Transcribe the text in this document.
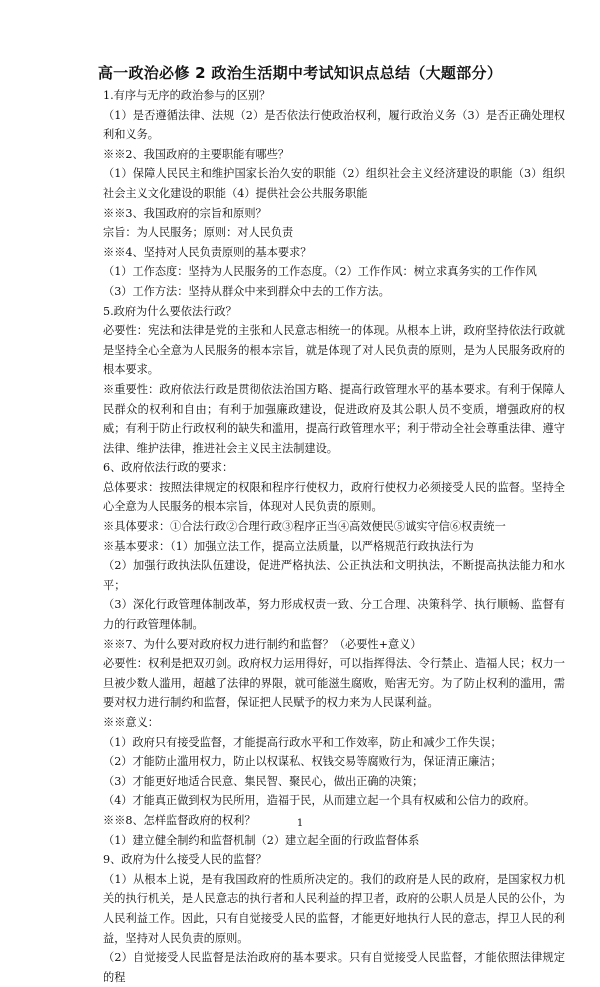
高一政治必修 2 政治生活期中考试知识点总结（大题部分）

1.有序与无序的政治参与的区别？

（1）是否遵循法律、法规（2）是否依法行使政治权利，履行政治义务（3）是否正确处理权利和义务。

※※2、我国政府的主要职能有哪些？

（1）保障人民民主和维护国家长治久安的职能（2）组织社会主义经济建设的职能（3）组织社会主义文化建设的职能（4）提供社会公共服务职能

※※3、我国政府的宗旨和原则？

宗旨：为人民服务；原则：对人民负责

※※4、坚持对人民负责原则的基本要求？

（1）工作态度：坚持为人民服务的工作态度。（2）工作作风：树立求真务实的工作作风

（3）工作方法：坚持从群众中来到群众中去的工作方法。

5.政府为什么要依法行政？

必要性：宪法和法律是党的主张和人民意志相统一的体现。从根本上讲，政府坚持依法行政就是坚持全心全意为人民服务的根本宗旨，就是体现了对人民负责的原则，是为人民服务政府的根本要求。

※重要性：政府依法行政是贯彻依法治国方略、提高行政管理水平的基本要求。有利于保障人民群众的权利和自由；有利于加强廉政建设，促进政府及其公职人员不变质，增强政府的权威；有利于防止行政权利的缺失和滥用，提高行政管理水平；利于带动全社会尊重法律、遵守法律、维护法律，推进社会主义民主法制建设。

6、政府依法行政的要求：

总体要求：按照法律规定的权限和程序行使权力，政府行使权力必须接受人民的监督。坚持全心全意为人民服务的根本宗旨，体现对人民负责的原则。

※具体要求：①合法行政②合理行政③程序正当④高效便民⑤诚实守信⑥权责统一

※基本要求：（1）加强立法工作，提高立法质量，以严格规范行政执法行为

（2）加强行政执法队伍建设，促进严格执法、公正执法和文明执法，不断提高执法能力和水平；

（3）深化行政管理体制改革，努力形成权责一致、分工合理、决策科学、执行顺畅、监督有力的行政管理体制。

※※7、为什么要对政府权力进行制约和监督？（必要性+意义）

必要性：权利是把双刃剑。政府权力运用得好，可以指挥得法、令行禁止、造福人民；权力一旦被少数人滥用，超越了法律的界限，就可能滋生腐败，贻害无穷。为了防止权利的滥用，需要对权力进行制约和监督，保证把人民赋予的权力来为人民谋利益。

※※意义：

（1）政府只有接受监督，才能提高行政水平和工作效率，防止和减少工作失误；

（2）才能防止滥用权力，防止以权谋私、权钱交易等腐败行为，保证清正廉洁；

（3）才能更好地适合民意、集民智、聚民心，做出正确的决策；

（4）才能真正做到权为民所用，造福于民，从而建立起一个具有权威和公信力的政府。

※※8、怎样监督政府的权利？

（1）建立健全制约和监督机制（2）建立起全面的行政监督体系

9、政府为什么接受人民的监督？

（1）从根本上说，是有我国政府的性质所决定的。我们的政府是人民的政府，是国家权力机关的执行机关，是人民意志的执行者和人民利益的捍卫者，政府的公职人员是人民的公仆，为人民利益工作。因此，只有自觉接受人民的监督，才能更好地执行人民的意志，捍卫人民的利益，坚持对人民负责的原则。

（2）自觉接受人民监督是法治政府的基本要求。只有自觉接受人民监督，才能依照法律规定的程

1
